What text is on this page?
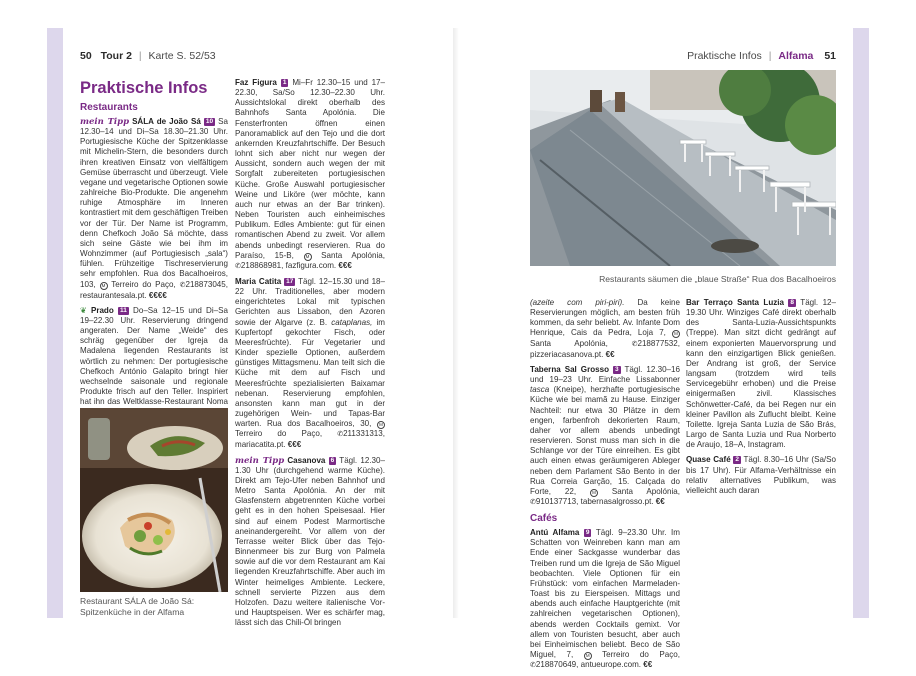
50 Tour 2 | Karte S. 52/53
Praktische Infos
Restaurants

mein Tipp SÁLA de João Sá 10 Sa 12.30–14 und Di–Sa 18.30–21.30 Uhr. Portugiesische Küche der Spitzenklasse mit Michelin-Stern, die besonders durch ihren kreativen Einsatz von vielfältigem Gemüse überrascht und überzeugt. Viele vegane und vegetarische Optionen sowie zahlreiche Bio-Produkte. Die angenehm ruhige Atmosphäre im Inneren kontrastiert mit dem geschäftigen Treiben vor der Tür. Der Name ist Programm, denn Chefkoch João Sá möchte, dass sich seine Gäste wie bei ihm im Wohnzimmer (auf Portugiesisch „sala“) fühlen. Frühzeitige Tischreservierung sehr empfohlen. Rua dos Bacalhoeiros, 103, M Terreiro do Paço, ✆218873045, restaurantesala.pt. €€€€

❦ Prado 11 Do–Sa 12–15 und Di–Sa 19–22.30 Uhr. Reservierung dringend angeraten. Der Name „Weide“ des schräg gegenüber der Igreja da Madalena liegenden Restaurants ist wörtlich zu nehmen: Der portugiesische Chefkoch António Galapito bringt hier wechselnde saisonale und regionale Produkte frisch auf den Teller. Inspiriert hat ihn das Weltklasse-Restaurant Noma

Restaurant SÁLA de João Sá: Spitzenküche in der Alfama

Faz Figura 1 Mi–Fr 12.30–15 und 17–22.30, Sa/So 12.30–22.30 Uhr. Aussichtslokal direkt oberhalb des Bahnhofs Santa Apolónia. Die Fensterfronten öffnen einen Panoramablick auf den Tejo und die dort ankernden Kreuzfahrtschiffe. Der Besuch lohnt sich aber nicht nur wegen der Aussicht, sondern auch wegen der mit Sorgfalt zubereiteten portugiesischen Küche. Große Auswahl portugiesischer Weine und Liköre (wer möchte, kann auch nur etwas an der Bar trinken). Neben Touristen auch einheimisches Publikum. Edles Ambiente: gut für einen romantischen Abend zu zweit. Vor allem abends unbedingt reservieren. Rua do Paraíso, 15-B,	M Santa Apolónia, ✆218868981, fazfigura.com. €€€

Maria Catita 17 Tägl. 12–15.30 und 18–22 Uhr. Traditionelles, aber modern eingerichtetes Lokal mit typischen Gerichten aus Lissabon, den Azoren sowie der Algarve (z. B. cataplanas, im Kupfertopf gekochter Fisch, oder Meeresfrüchte). Für Vegetarier und Kinder spezielle Optionen, außerdem günstiges Mittagsmenu. Man teilt sich die Küche mit dem auf Fisch und Meeresfrüchte spezialisierten Baixamar nebenan. Reservierung empfohlen, ansonsten kann man gut in der zugehörigen Wein- und Tapas-Bar warten. Rua dos Bacalhoeiros, 30, M Terreiro do Paço, ✆211331313, mariacatita.pt. €€€

mein Tipp Casanova 6 Tägl. 12.30–1.30 Uhr (durchgehend warme Küche). Direkt am Tejo-Ufer neben Bahnhof und Metro Santa Apolónia. An der mit Glasfenstern abgetrennten Küche vorbei geht es in den hohen Speisesaal. Hier sind auf einem Podest Marmortische aneinandergereiht. Vor allem von der Terrasse weiter Blick über das Tejo-Binnenmeer bis zur Burg von Palmela sowie auf die vor dem Restaurant am Kai liegenden Kreuzfahrtschiffe. Aber auch im Winter heimeliges Ambiente. Leckere, schnell servierte Pizzen aus dem Holzofen. Dazu weitere italienische Vor- und Hauptspeisen. Wer es schärfer mag, lässt sich das Chili-Öl bringen

Praktische Infos | Alfama 51
Restaurants säumen die „blaue Straße“ Rua dos Bacalhoeiros

(azeite com piri-piri). Da keine Reservierungen möglich, am besten früh kommen, da sehr beliebt. Av. Infante Dom Henrique, Cais da Pedra, Loja 7, M Santa Apolónia,	✆218877532, pizzeriacasanova.pt. €€

Taberna Sal Grosso 3 Tägl. 12.30–16 und 19–23 Uhr. Einfache Lissabonner tasca (Kneipe), herzhafte portugiesische Küche wie bei mamã zu Hause. Einziger Nachteil: nur etwa 30 Plätze in dem engen, farbenfroh dekorierten Raum, daher vor allem abends unbedingt reservieren. Sonst muss man sich in die Schlange vor der Türe einreihen. Es gibt auch einen etwas geräumigeren Ableger neben dem Parlament São Bento in der Rua Correia Garção, 15. Calçada do Forte, 22,	M Santa Apolónia, ✆910137713, tabernasalgrosso.pt. €€

Cafés

Antú Alfama 9 Tägl. 9–23.30 Uhr. Im Schatten von Weinreben kann man am Ende einer Sackgasse wunderbar das Treiben rund um die Igreja de São Miguel beobachten. Viele Optionen für ein Frühstück: vom einfachen Marmeladen-Toast bis zu Eierspeisen. Mittags und abends auch einfache Hauptgerichte (mit zahlreichen vegetarischen Optionen), abends werden Cocktails gemixt. Vor allem von Touristen besucht, aber auch bei Einheimischen beliebt. Beco de São Miguel, 7,	M Terreiro do Paço, ✆218870649, antueurope.com. €€

Bar Terraço Santa Luzia 8 Tägl. 12–19.30 Uhr. Winziges Café direkt oberhalb des Santa-Luzia-Aussichtspunkts (Treppe). Man sitzt dicht gedrängt auf einem exponierten Mauervorsprung und kann den einzigartigen Blick genießen. Der Andrang ist groß, der Service langsam (trotzdem wird teils Servicegebühr erhoben) und die Preise einigermaßen zivil. Klassisches Schönwetter-Café, da bei Regen nur ein kleiner Pavillon als Zuflucht bleibt. Keine Toilette. Igreja Santa Luzia de São Brás, Largo de Santa Luzia und Rua Norberto de Araujo, 18–A, Instagram.

Quase Café 2 Tägl. 8.30–16 Uhr (Sa/So bis 17 Uhr). Für Alfama-Verhältnisse ein relativ alternatives Publikum, was vielleicht auch daran
